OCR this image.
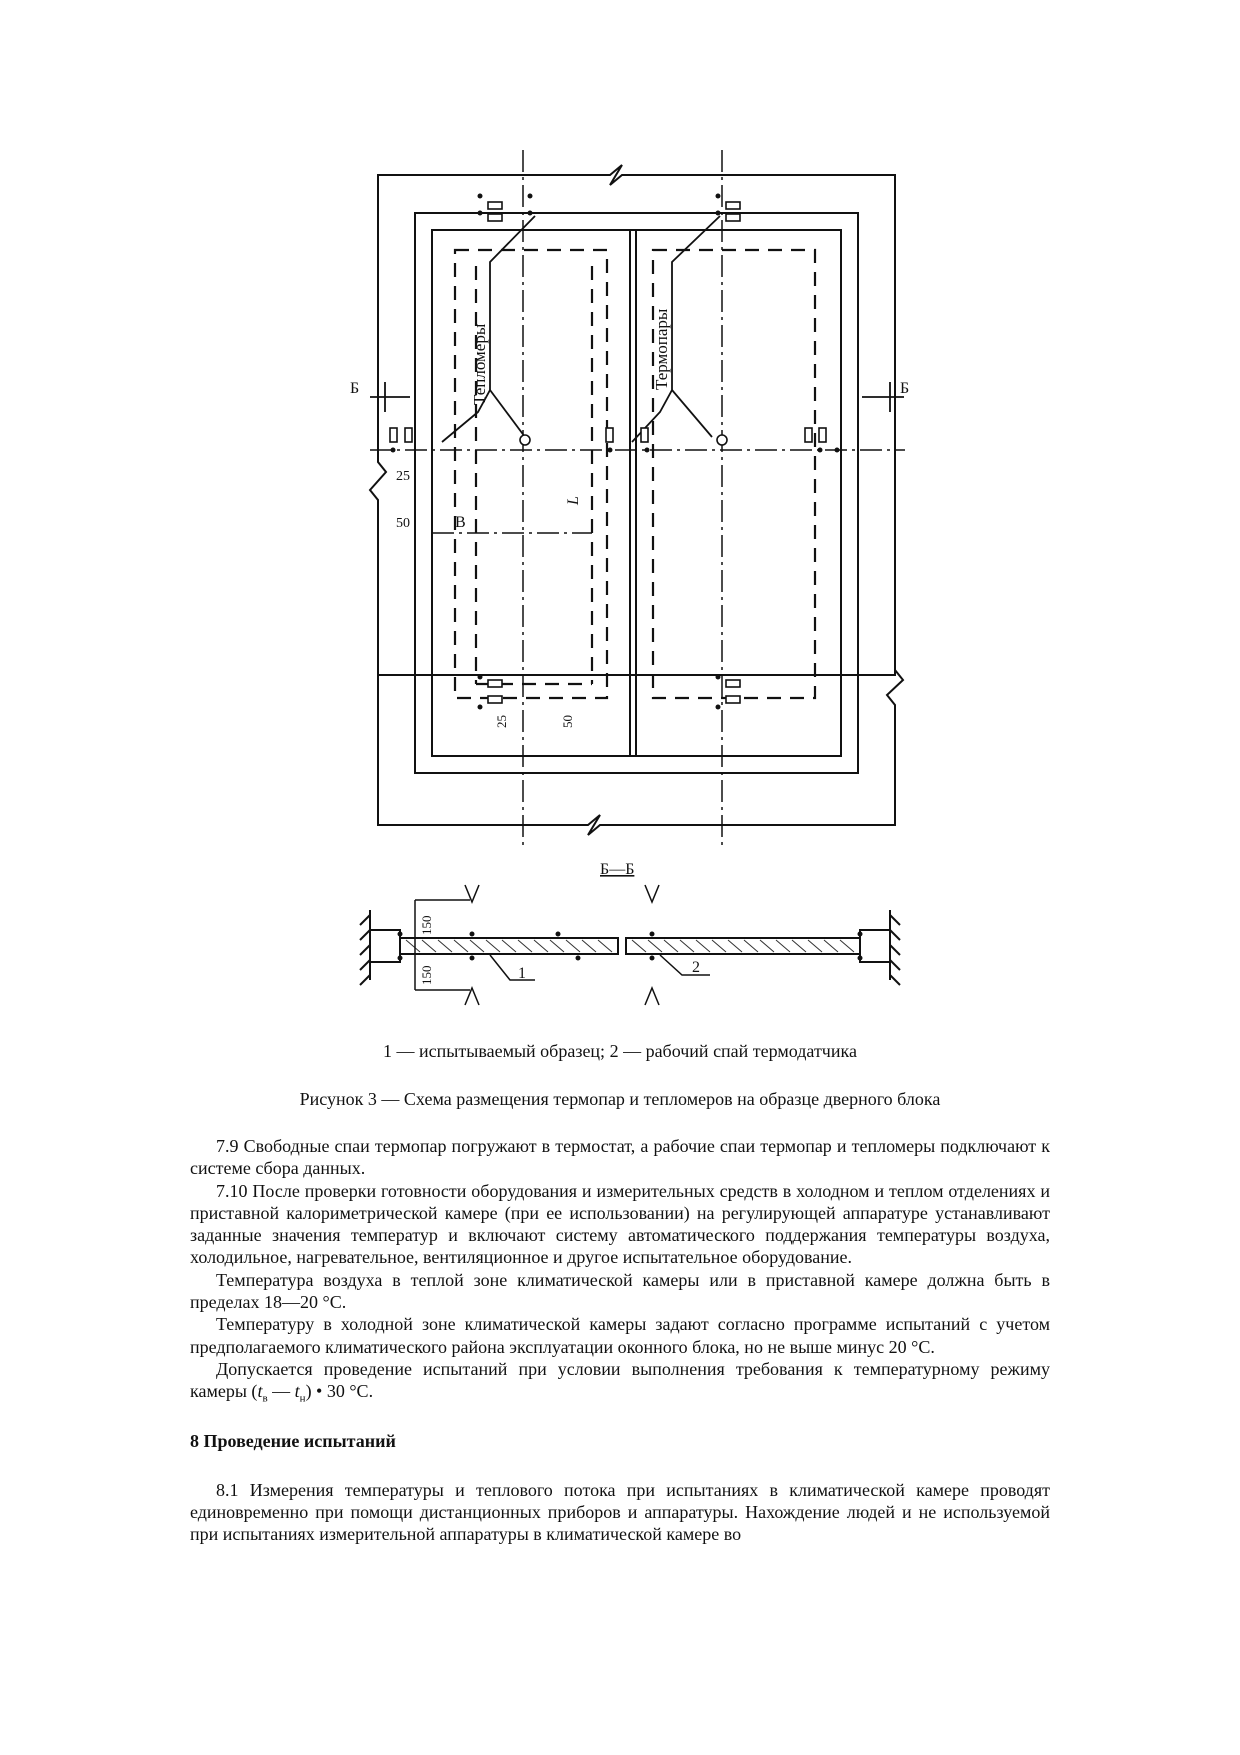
Тепломеры	Термопары
Б	Б
25
50	B
L
25	50
Б—Б
150
150	1	2
1 — испытываемый образец; 2 — рабочий спай термодатчика
Рисунок 3 — Схема размещения термопар и тепломеров на образце дверного блока

7.9 Свободные спаи термопар погружают в термостат, а рабочие спаи термопар и тепломеры подключают к системе сбора данных.

7.10 После проверки готовности оборудования и измерительных средств в холодном и теплом отделениях и приставной калориметрической камере (при ее использовании) на регулирующей аппаратуре устанавливают заданные значения температур и включают систему автоматического поддержания температуры воздуха, холодильное, нагревательное, вентиляционное и другое испытательное оборудование.

Температура воздуха в теплой зоне климатической камеры или в приставной камере должна быть в пределах 18—20 °С.

Температуру в холодной зоне климатической камеры задают согласно программе испытаний с учетом предполагаемого климатического района эксплуатации оконного блока, но не выше минус 20 °С.

Допускается проведение испытаний при условии выполнения требования к температурному режиму камеры ($t_в$ — $t_н$) • 30 °С.

8 Проведение испытаний

8.1 Измерения температуры и теплового потока при испытаниях в климатической камере проводят единовременно при помощи дистанционных приборов и аппаратуры. Нахождение людей и не используемой при испытаниях измерительной аппаратуры в климатической камере во
